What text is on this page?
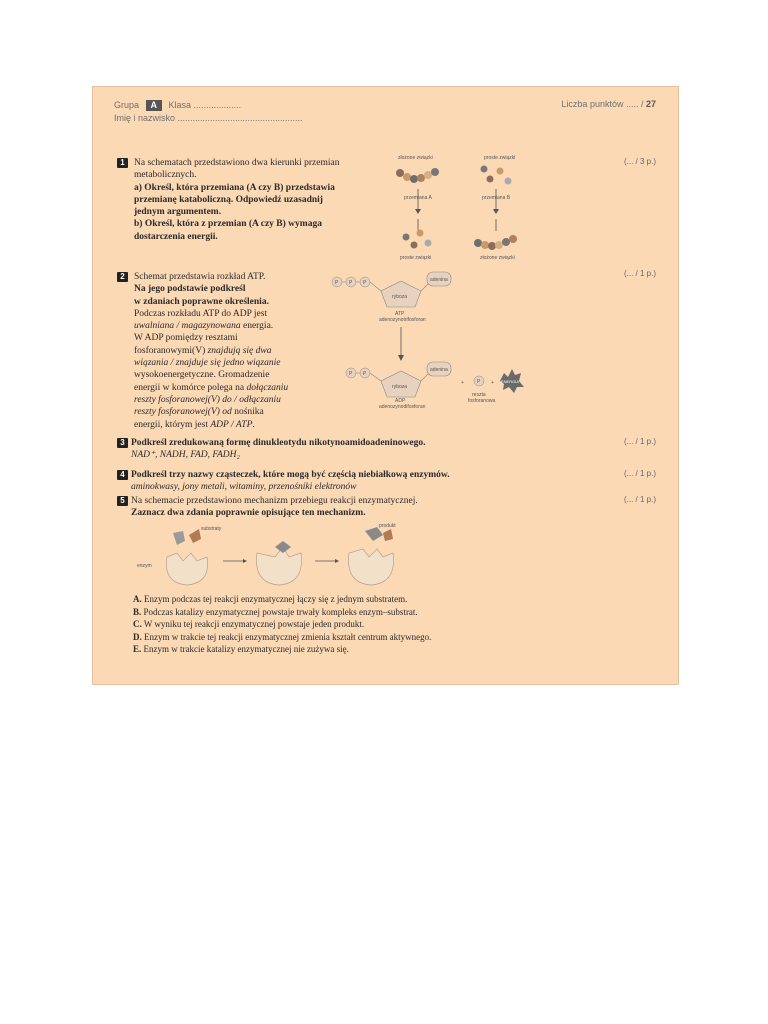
Grupa A Klasa ...................
Imię i nazwisko ..................................................
Liczba punktów ..... / 27
1 Na schematach przedstawiono dwa kierunki przemian
metabolicznych.
a) Określ, która przemiana (A czy B) przedstawia
przemianę kataboliczną. Odpowiedź uzasadnij
jednym argumentem.
b) Określ, która z przemian (A czy B) wymaga
dostarczenia energii.
(... / 3 p.)
złożone związki	proste związki
przemiana A	przemiana B
proste związki	złożone związki
2 Schemat przedstawia rozkład ATP.
Na jego podstawie podkreśl
w zdaniach poprawne określenia.
Podczas rozkładu ATP do ADP jest
uwalniana / magazynowana energia.
W ADP pomiędzy resztami
fosforanowymi(V) znajdują się dwa
wiązania / znajduje się jedno wiązanie
wysokoenergetyczne. Gromadzenie
energii w komórce polega na dołączaniu
reszty fosforanowej(V) do / odłączaniu
reszty fosforanowej(V) od nośnika
energii, którym jest ADP / ATP.
(... / 1 p.)
P P P
ryboza
adenina
ATP
adenozynotrifosforan
P P
ryboza
adenina
ADP
adenozynodifosforan
+	P
reszta
fosforanowa
+ ENERGIA
3 Podkreśl zredukowaną formę dinukleotydu nikotynoamidoadeninowego.
NAD⁺, NADH, FAD, FADH₂
(... / 1 p.)
4 Podkreśl trzy nazwy cząsteczek, które mogą być częścią niebiałkową enzymów.
aminokwasy, jony metali, witaminy, przenośniki elektronów
(... / 1 p.)
5 Na schemacie przedstawiono mechanizm przebiegu reakcji enzymatycznej.
Zaznacz dwa zdania poprawnie opisujące ten mechanizm.
(... / 1 p.)
substraty
enzym
produkt
A. Enzym podczas tej reakcji enzymatycznej łączy się z jednym substratem.
B. Podczas katalizy enzymatycznej powstaje trwały kompleks enzym–substrat.
C. W wyniku tej reakcji enzymatycznej powstaje jeden produkt.
D. Enzym w trakcie tej reakcji enzymatycznej zmienia kształt centrum aktywnego.
E. Enzym w trakcie katalizy enzymatycznej nie zużywa się.
